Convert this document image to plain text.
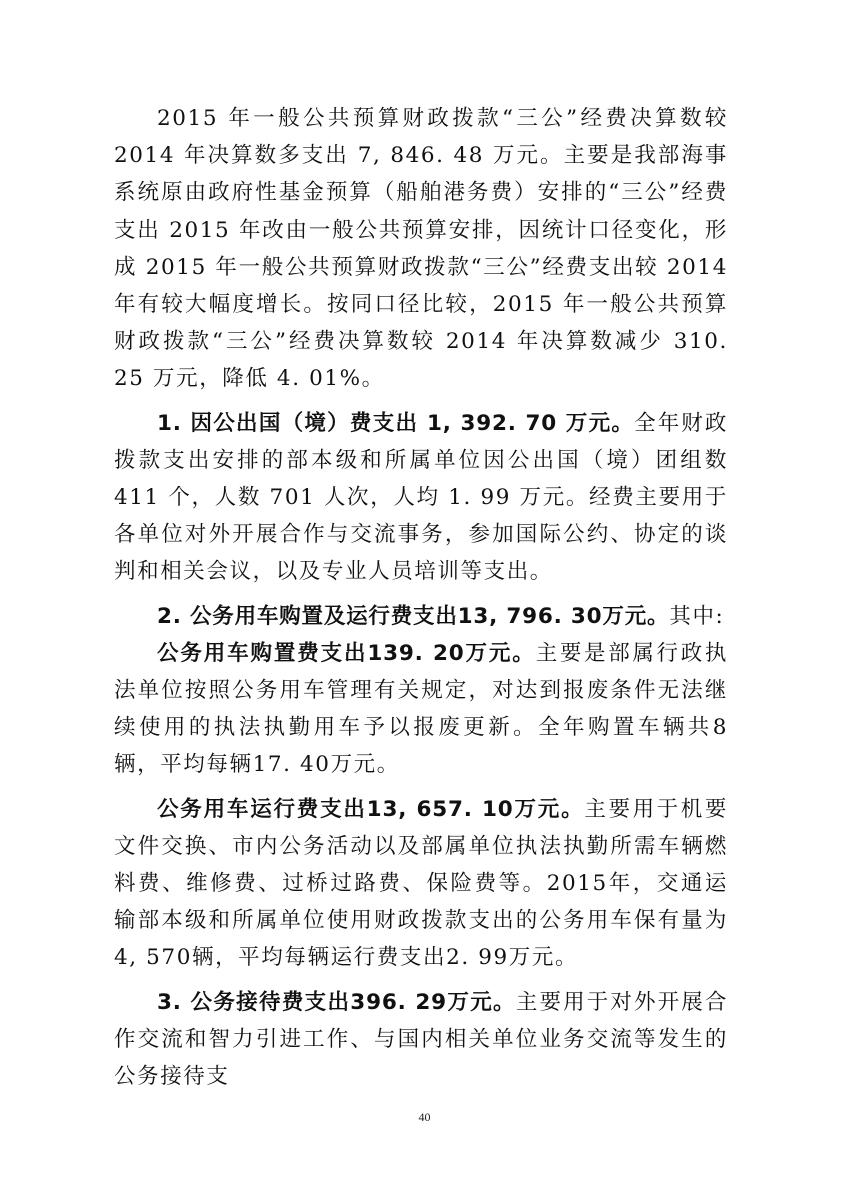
2015 年一般公共预算财政拨款“三公”经费决算数较 2014 年决算数多支出 7, 846. 48 万元。主要是我部海事系统原由政府性基金预算（船舶港务费）安排的“三公”经费支出 2015 年改由一般公共预算安排，因统计口径变化，形成 2015 年一般公共预算财政拨款“三公”经费支出较 2014 年有较大幅度增长。按同口径比较，2015 年一般公共预算财政拨款“三公”经费决算数较 2014 年决算数减少 310. 25 万元，降低 4. 01%。

1. 因公出国（境）费支出 1, 392. 70 万元。全年财政拨款支出安排的部本级和所属单位因公出国（境）团组数 411 个，人数 701 人次，人均 1. 99 万元。经费主要用于各单位对外开展合作与交流事务，参加国际公约、协定的谈判和相关会议，以及专业人员培训等支出。

2. 公务用车购置及运行费支出13, 796. 30万元。其中:

公务用车购置费支出139. 20万元。主要是部属行政执法单位按照公务用车管理有关规定，对达到报废条件无法继续使用的执法执勤用车予以报废更新。全年购置车辆共8辆，平均每辆17. 40万元。

公务用车运行费支出13, 657. 10万元。主要用于机要文件交换、市内公务活动以及部属单位执法执勤所需车辆燃料费、维修费、过桥过路费、保险费等。2015年，交通运输部本级和所属单位使用财政拨款支出的公务用车保有量为4, 570辆，平均每辆运行费支出2. 99万元。

3. 公务接待费支出396. 29万元。主要用于对外开展合作交流和智力引进工作、与国内相关单位业务交流等发生的公务接待支

40
